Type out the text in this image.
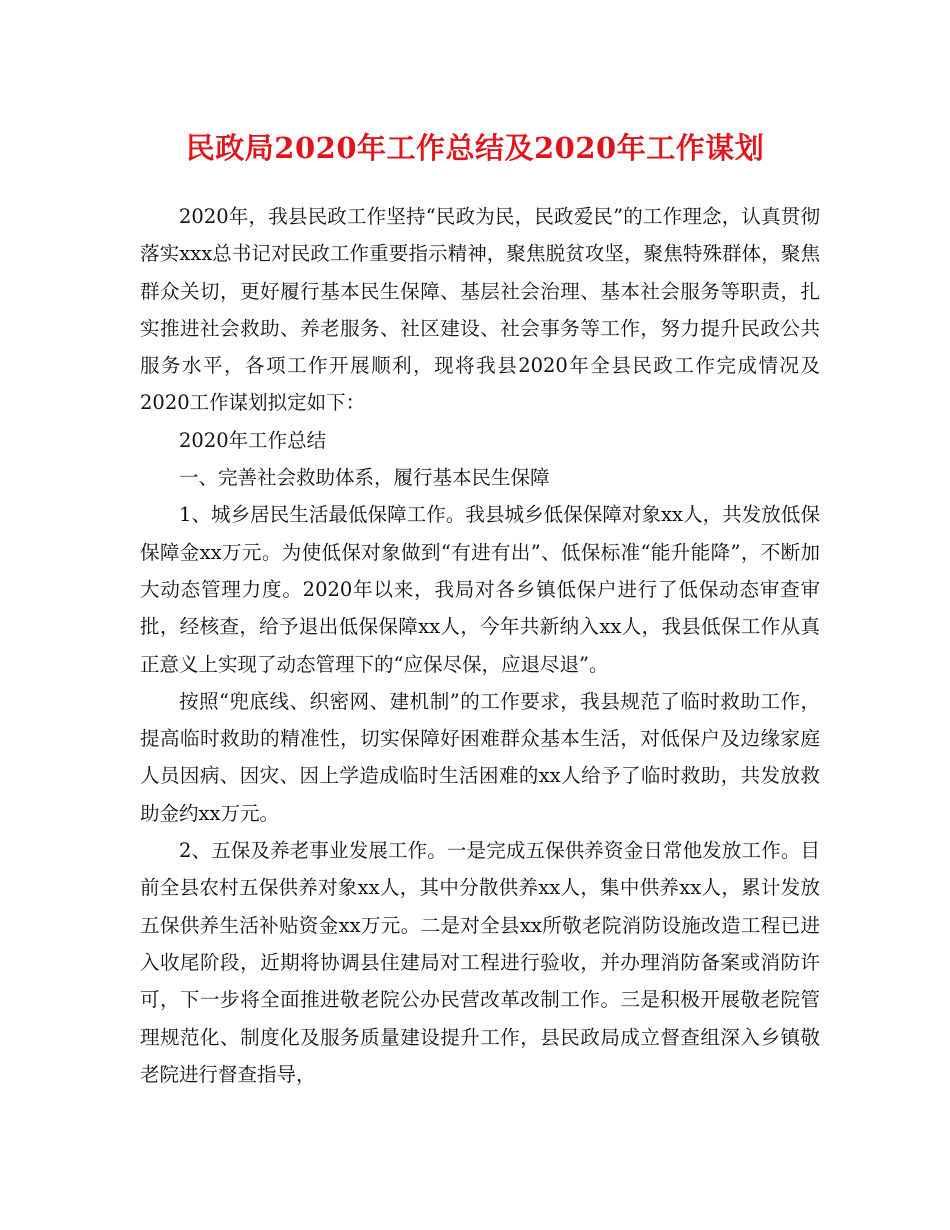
民政局2020年工作总结及2020年工作谋划

2020年，我县民政工作坚持“民政为民，民政爱民”的工作理念，认真贯彻落实xxx总书记对民政工作重要指示精神，聚焦脱贫攻坚，聚焦特殊群体，聚焦群众关切，更好履行基本民生保障、基层社会治理、基本社会服务等职责，扎实推进社会救助、养老服务、社区建设、社会事务等工作，努力提升民政公共服务水平，各项工作开展顺利，现将我县2020年全县民政工作完成情况及2020工作谋划拟定如下：

2020年工作总结

一、完善社会救助体系，履行基本民生保障

1、城乡居民生活最低保障工作。我县城乡低保保障对象xx人，共发放低保保障金xx万元。为使低保对象做到“有进有出”、低保标准“能升能降”，不断加大动态管理力度。2020年以来，我局对各乡镇低保户进行了低保动态审查审批，经核查，给予退出低保保障xx人，今年共新纳入xx人，我县低保工作从真正意义上实现了动态管理下的“应保尽保，应退尽退”。

按照“兜底线、织密网、建机制”的工作要求，我县规范了临时救助工作，提高临时救助的精准性，切实保障好困难群众基本生活，对低保户及边缘家庭人员因病、因灾、因上学造成临时生活困难的xx人给予了临时救助，共发放救助金约xx万元。

2、五保及养老事业发展工作。一是完成五保供养资金日常他发放工作。目前全县农村五保供养对象xx人，其中分散供养xx人，集中供养xx人，累计发放五保供养生活补贴资金xx万元。二是对全县xx所敬老院消防设施改造工程已进入收尾阶段，近期将协调县住建局对工程进行验收，并办理消防备案或消防许可，下一步将全面推进敬老院公办民营改革改制工作。三是积极开展敬老院管理规范化、制度化及服务质量建设提升工作，县民政局成立督查组深入乡镇敬老院进行督查指导，
